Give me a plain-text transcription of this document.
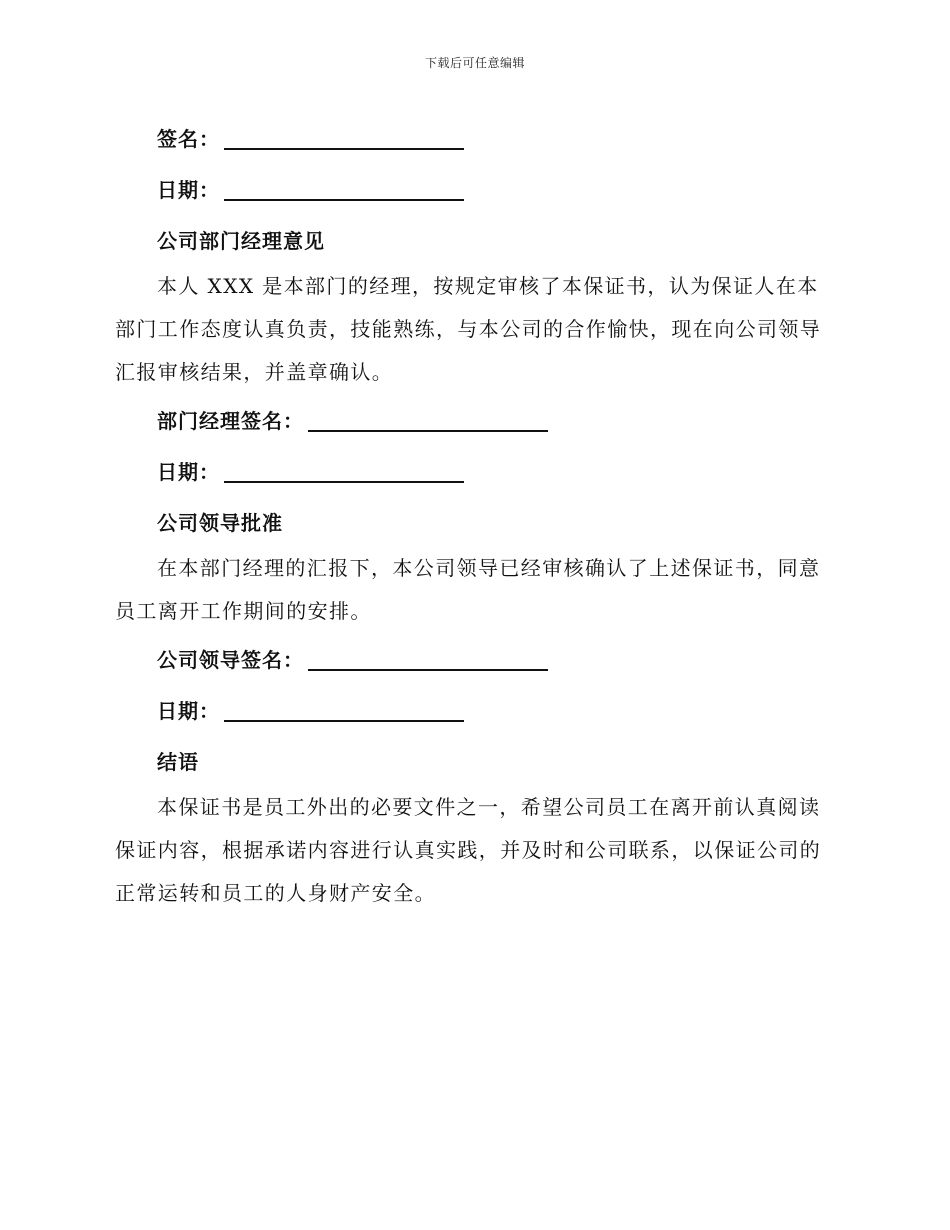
下载后可任意编辑
签名：
日期：
公司部门经理意见

本人 XXX 是本部门的经理，按规定审核了本保证书，认为保证人在本
部门工作态度认真负责，技能熟练，与本公司的合作愉快，现在向公司领导
汇报审核结果，并盖章确认。

部门经理签名：
日期：
公司领导批准

在本部门经理的汇报下，本公司领导已经审核确认了上述保证书，同意
员工离开工作期间的安排。

公司领导签名：
日期：
结语

本保证书是员工外出的必要文件之一，希望公司员工在离开前认真阅读
保证内容，根据承诺内容进行认真实践，并及时和公司联系，以保证公司的
正常运转和员工的人身财产安全。
